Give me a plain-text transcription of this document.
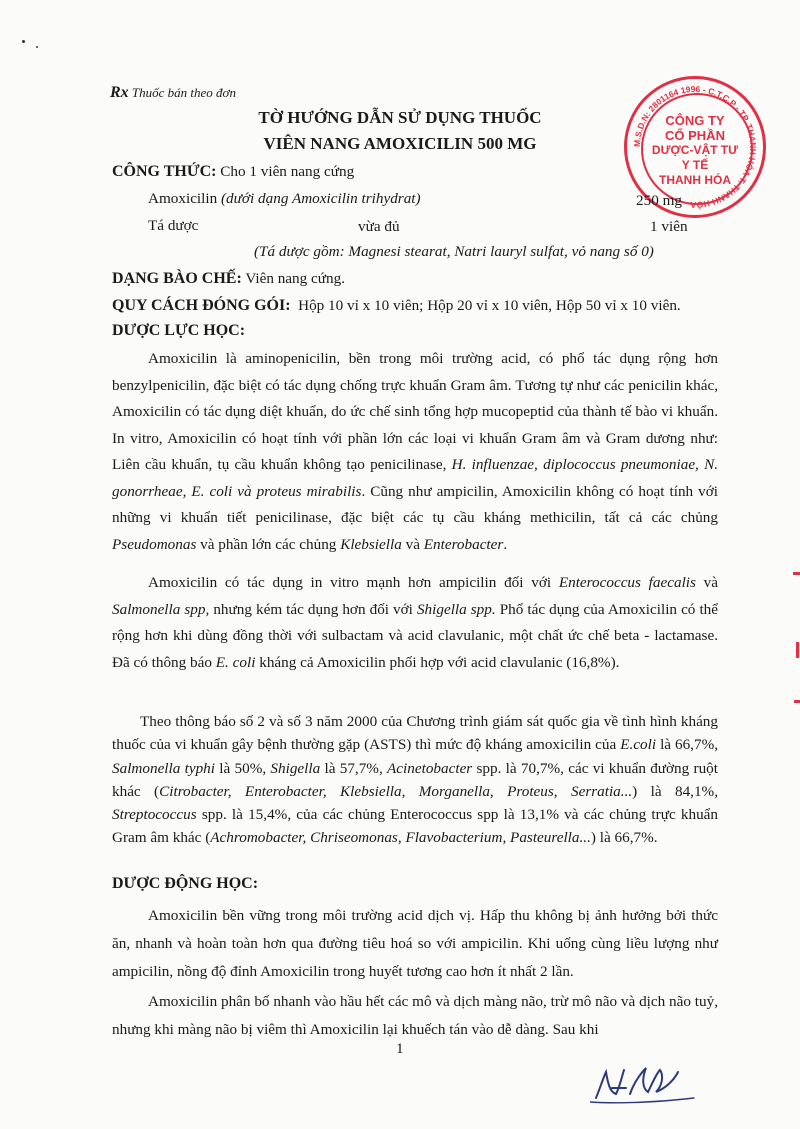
Rx Thuốc bán theo đơn
TỜ HƯỚNG DẪN SỬ DỤNG THUỐC
VIÊN NANG AMOXICILIN 500 MG	M.S.D.N: 2801164 1996 - C.T.C.P - TP. THANH HÓA T. THANH HÓA
CÔNG TY
CỔ PHẦN
DƯỢC-VẬT TƯ
Y TẾ
THANH HÓA
CÔNG THỨC: Cho 1 viên nang cứng
Amoxicilin (dưới dạng Amoxicilin trihydrat)	250 mg
Tá dược	vừa đủ	1 viên
(Tá dược gồm: Magnesi stearat, Natri lauryl sulfat, vỏ nang số 0)
DẠNG BÀO CHẾ: Viên nang cứng.
QUY CÁCH ĐÓNG GÓI: Hộp 10 vỉ x 10 viên; Hộp 20 vỉ x 10 viên, Hộp 50 vỉ x 10 viên.
DƯỢC LỰC HỌC:
Amoxicilin là aminopenicilin, bền trong môi trường acid, có phổ tác dụng rộng hơn benzylpenicilin, đặc biệt có tác dụng chống trực khuẩn Gram âm. Tương tự như các penicilin khác, Amoxicilin có tác dụng diệt khuẩn, do ức chế sinh tổng hợp mucopeptid của thành tế bào vi khuẩn. In vitro, Amoxicilin có hoạt tính với phần lớn các loại vi khuẩn Gram âm và Gram dương như: Liên cầu khuẩn, tụ cầu khuẩn không tạo penicilinase, H. influenzae, diplococcus pneumoniae, N. gonorrheae, E. coli và proteus mirabilis. Cũng như ampicilin, Amoxicilin không có hoạt tính với những vi khuẩn tiết penicilinase, đặc biệt các tụ cầu kháng methicilin, tất cả các chủng Pseudomonas và phần lớn các chủng Klebsiella và Enterobacter.
Amoxicilin có tác dụng in vitro mạnh hơn ampicilin đối với Enterococcus faecalis và Salmonella spp, nhưng kém tác dụng hơn đối với Shigella spp. Phổ tác dụng của Amoxicilin có thể rộng hơn khi dùng đồng thời với sulbactam và acid clavulanic, một chất ức chế beta - lactamase. Đã có thông báo E. coli kháng cả Amoxicilin phối hợp với acid clavulanic (16,8%).
Theo thông báo số 2 và số 3 năm 2000 của Chương trình giám sát quốc gia về tình hình kháng thuốc của vi khuẩn gây bệnh thường gặp (ASTS) thì mức độ kháng amoxicilin của E.coli là 66,7%, Salmonella typhi là 50%, Shigella là 57,7%, Acinetobacter spp. là 70,7%, các vi khuẩn đường ruột khác (Citrobacter, Enterobacter, Klebsiella, Morganella, Proteus, Serratia...) là 84,1%, Streptococcus spp. là 15,4%, của các chủng Enterococcus spp là 13,1% và các chủng trực khuẩn Gram âm khác (Achromobacter, Chriseomonas, Flavobacterium, Pasteurella...) là 66,7%.
DƯỢC ĐỘNG HỌC:
Amoxicilin bền vững trong môi trường acid dịch vị. Hấp thu không bị ảnh hưởng bởi thức ăn, nhanh và hoàn toàn hơn qua đường tiêu hoá so với ampicilin. Khi uống cùng liều lượng như ampicilin, nồng độ đỉnh Amoxicilin trong huyết tương cao hơn ít nhất 2 lần.
Amoxicilin phân bố nhanh vào hầu hết các mô và dịch màng não, trừ mô não và dịch não tuỷ, nhưng khi màng não bị viêm thì Amoxicilin lại khuếch tán vào dễ dàng. Sau khi
1
